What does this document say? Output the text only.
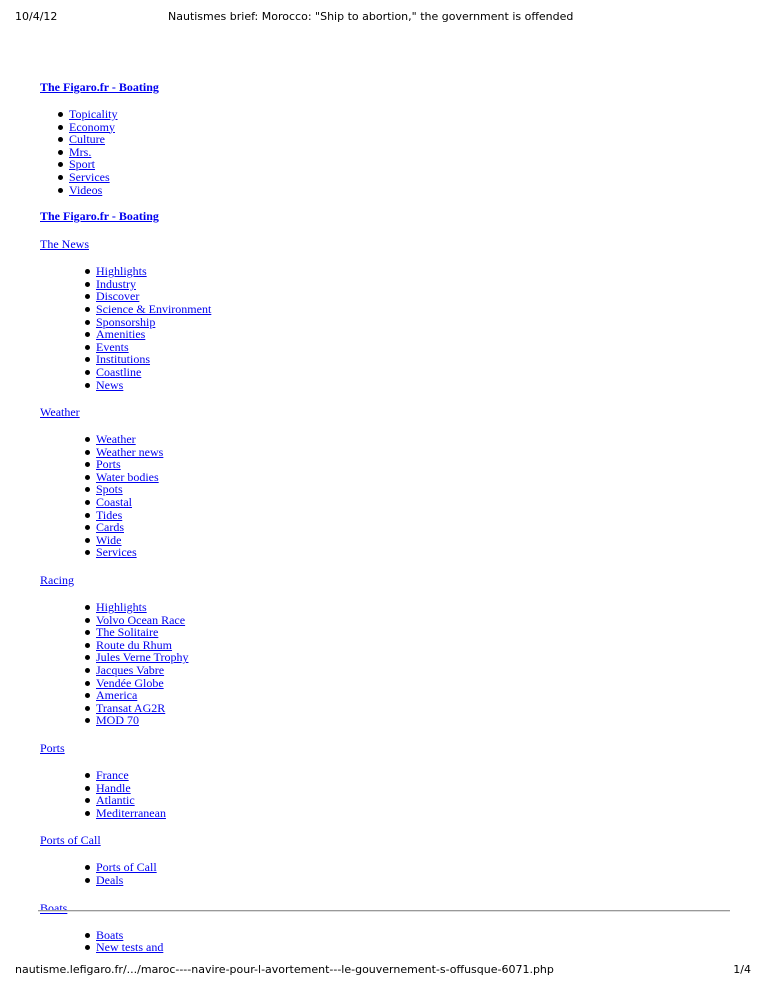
10/4/12	Nautismes brief: Morocco: "Ship to abortion," the government is offended
The Figaro.fr - Boating
Topicality
Economy
Culture
Mrs.
Sport
Services
Videos
The Figaro.fr - Boating
The News
Highlights
Industry
Discover
Science & Environment
Sponsorship
Amenities
Events
Institutions
Coastline
News
Weather
Weather
Weather news
Ports
Water bodies
Spots
Coastal
Tides
Cards
Wide
Services
Racing
Highlights
Volvo Ocean Race
The Solitaire
Route du Rhum
Jules Verne Trophy
Jacques Vabre
Vendée Globe
America
Transat AG2R
MOD 70
Ports
France
Handle
Atlantic
Mediterranean
Ports of Call
Ports of Call
Deals
Boats
Boats
New tests and
nautisme.lefigaro.fr/.../maroc----navire-pour-l-avortement---le-gouvernement-s-offusque-6071.php	1/4
